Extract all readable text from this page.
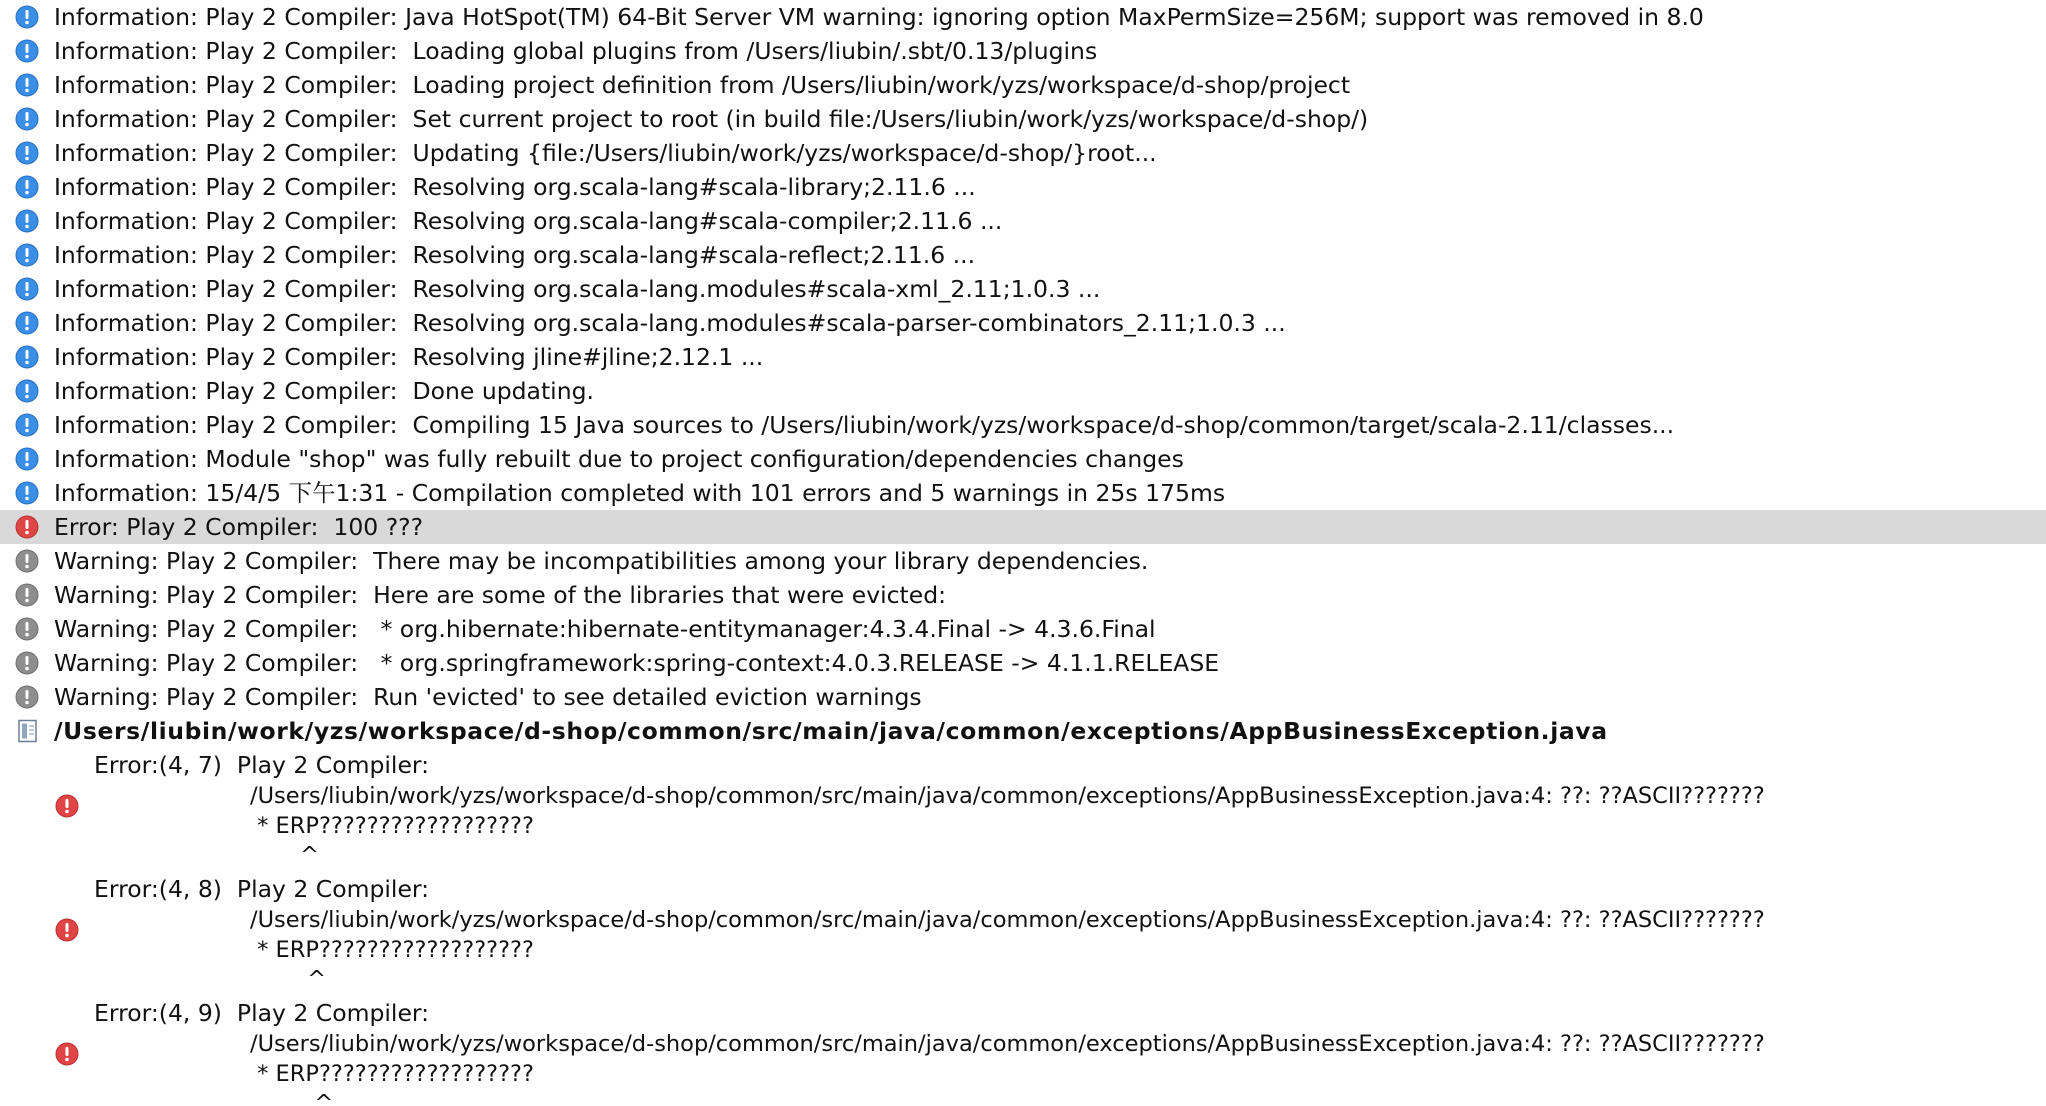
Information: Play 2 Compiler: Java HotSpot(TM) 64-Bit Server VM warning: ignoring option MaxPermSize=256M; support was removed in 8.0

Information: Play 2 Compiler:  Loading global plugins from /Users/liubin/.sbt/0.13/plugins

Information: Play 2 Compiler:  Loading project definition from /Users/liubin/work/yzs/workspace/d-shop/project

Information: Play 2 Compiler:  Set current project to root (in build file:/Users/liubin/work/yzs/workspace/d-shop/)

Information: Play 2 Compiler:  Updating {file:/Users/liubin/work/yzs/workspace/d-shop/}root...

Information: Play 2 Compiler:  Resolving org.scala-lang#scala-library;2.11.6 ...

Information: Play 2 Compiler:  Resolving org.scala-lang#scala-compiler;2.11.6 ...

Information: Play 2 Compiler:  Resolving org.scala-lang#scala-reflect;2.11.6 ...

Information: Play 2 Compiler:  Resolving org.scala-lang.modules#scala-xml_2.11;1.0.3 ...

Information: Play 2 Compiler:  Resolving org.scala-lang.modules#scala-parser-combinators_2.11;1.0.3 ...

Information: Play 2 Compiler:  Resolving jline#jline;2.12.1 ...

Information: Play 2 Compiler:  Done updating.

Information: Play 2 Compiler:  Compiling 15 Java sources to /Users/liubin/work/yzs/workspace/d-shop/common/target/scala-2.11/classes...

Information: Module "shop" was fully rebuilt due to project configuration/dependencies changes

Information: 15/4/5 下午1:31 - Compilation completed with 101 errors and 5 warnings in 25s 175ms

Error: Play 2 Compiler:  100 ???

Warning: Play 2 Compiler:  There may be incompatibilities among your library dependencies.

Warning: Play 2 Compiler:  Here are some of the libraries that were evicted:

Warning: Play 2 Compiler:   * org.hibernate:hibernate-entitymanager:4.3.4.Final -> 4.3.6.Final

Warning: Play 2 Compiler:   * org.springframework:spring-context:4.0.3.RELEASE -> 4.1.1.RELEASE

Warning: Play 2 Compiler:  Run 'evicted' to see detailed eviction warnings

/Users/liubin/work/yzs/workspace/d-shop/common/src/main/java/common/exceptions/AppBusinessException.java

Error:(4, 7)  Play 2 Compiler:

/Users/liubin/work/yzs/workspace/d-shop/common/src/main/java/common/exceptions/AppBusinessException.java:4: ??: ??ASCII???????
* ERP??????????????????
^

Error:(4, 8)  Play 2 Compiler:

/Users/liubin/work/yzs/workspace/d-shop/common/src/main/java/common/exceptions/AppBusinessException.java:4: ??: ??ASCII???????
* ERP??????????????????
^

Error:(4, 9)  Play 2 Compiler:

/Users/liubin/work/yzs/workspace/d-shop/common/src/main/java/common/exceptions/AppBusinessException.java:4: ??: ??ASCII???????
* ERP??????????????????
^
